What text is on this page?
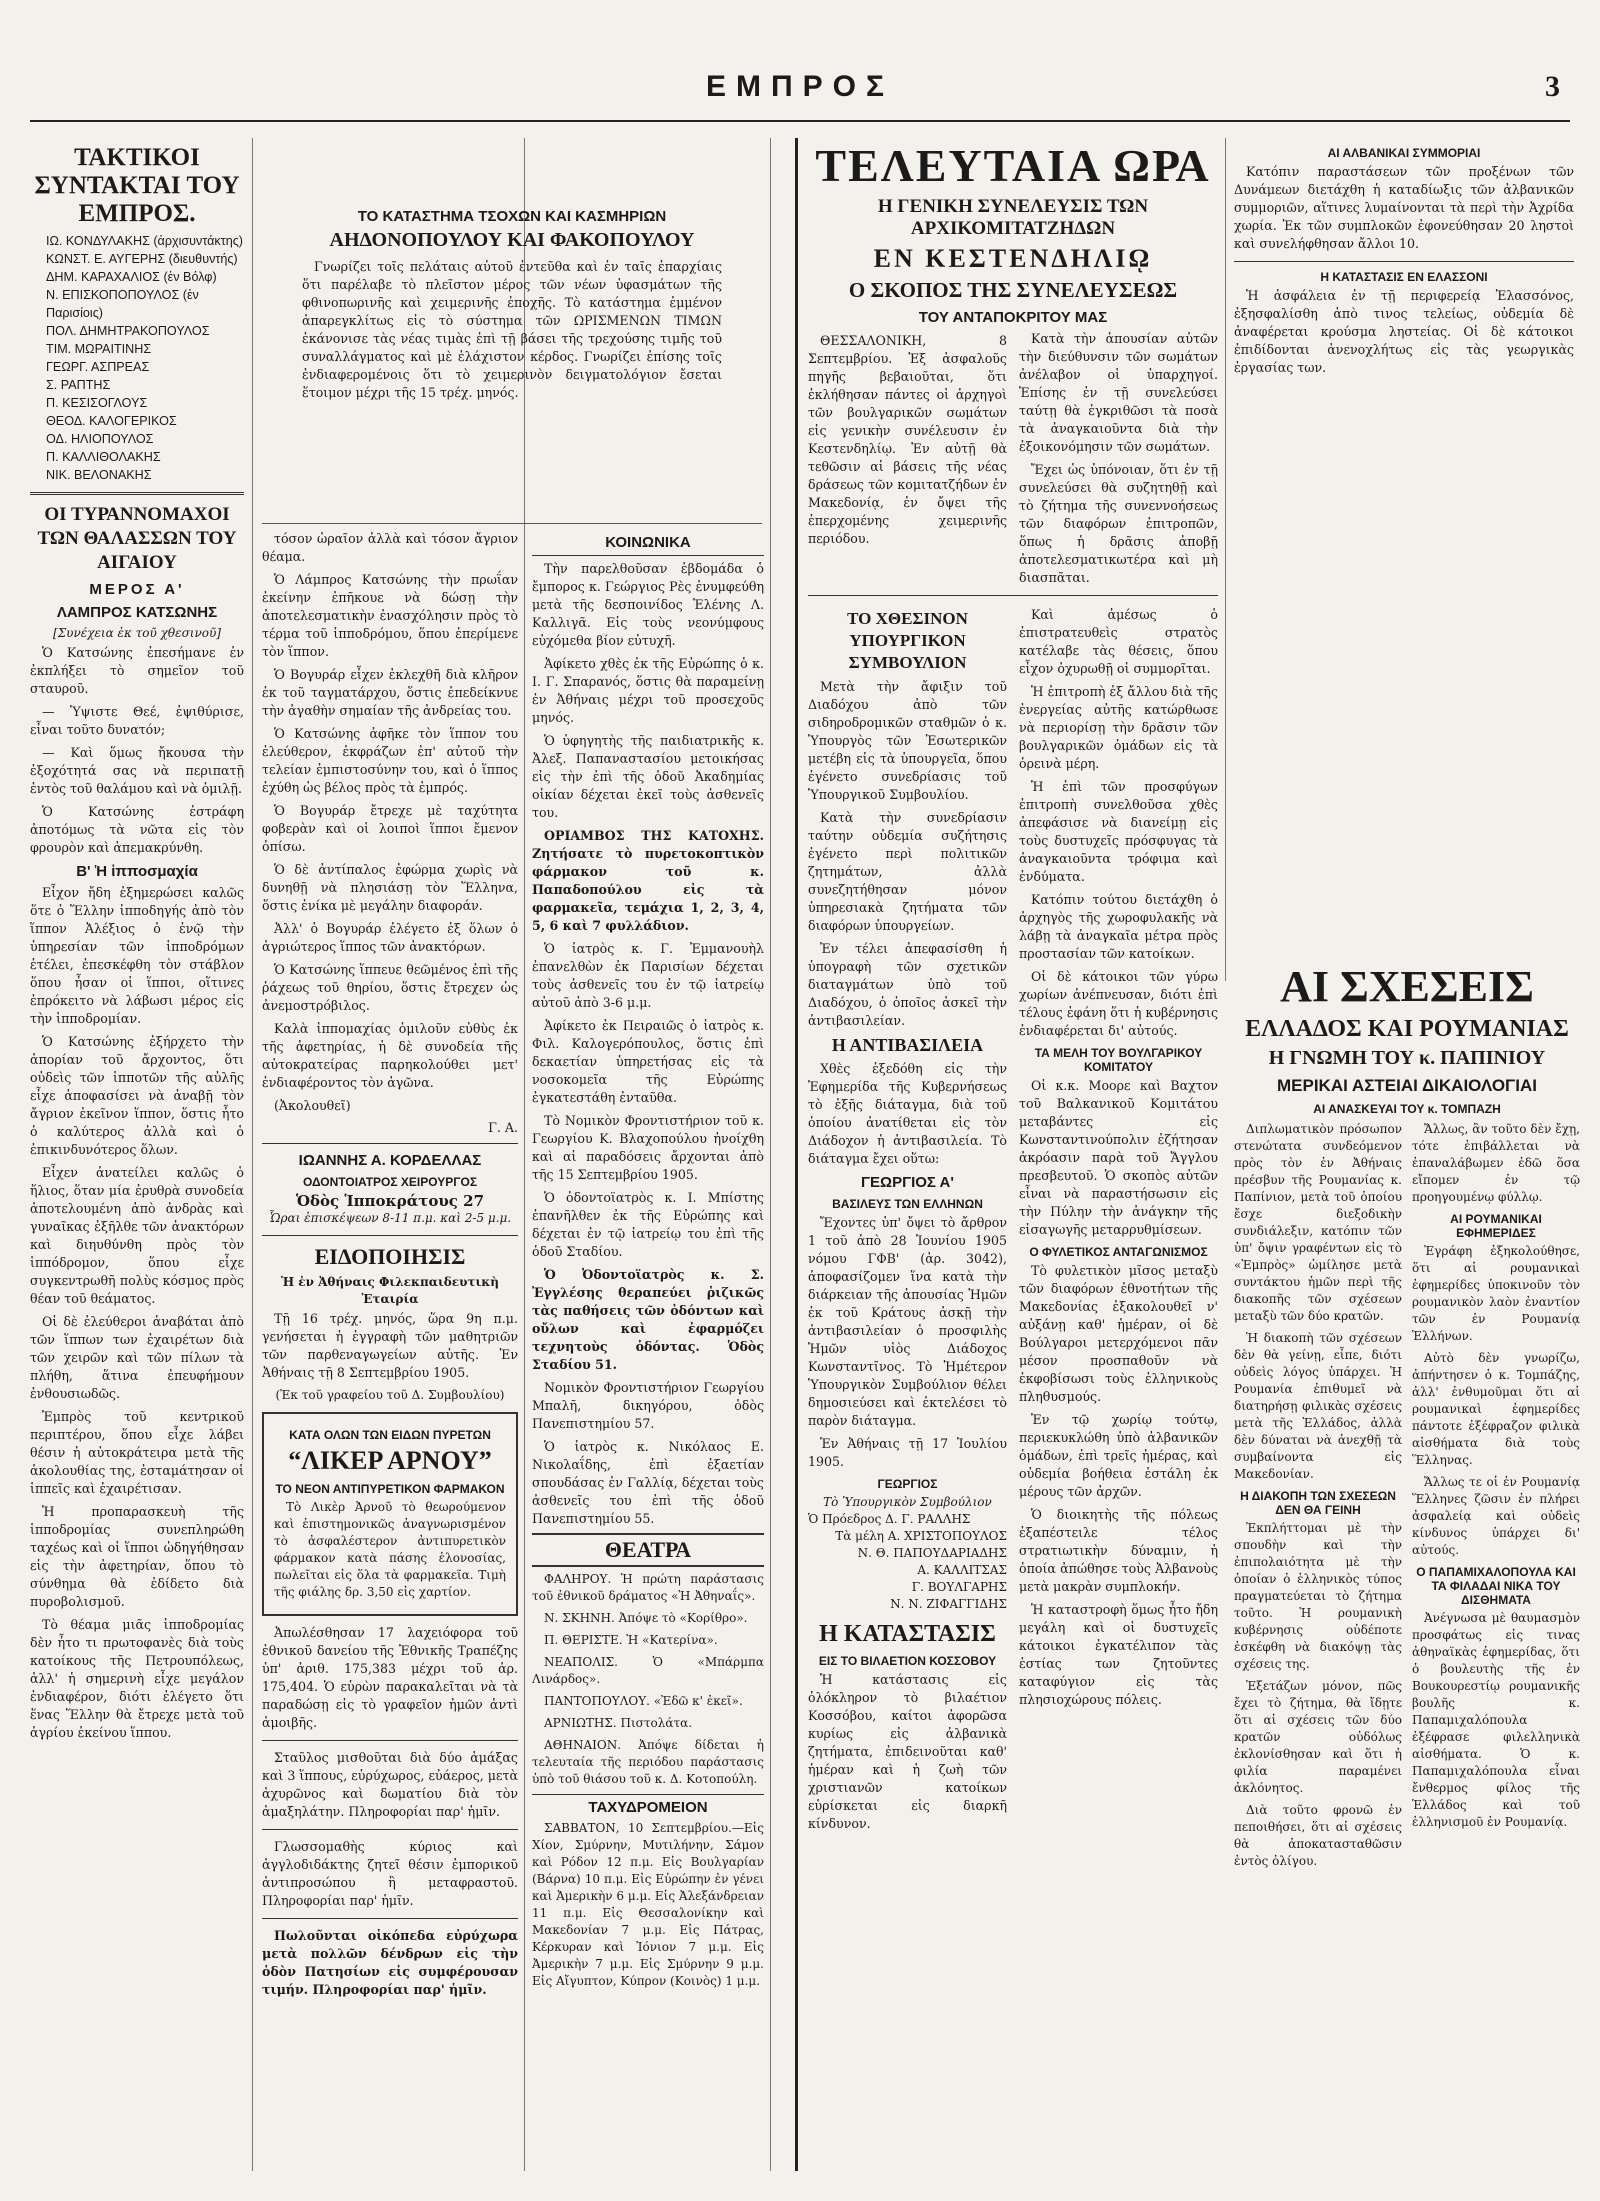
ΕΜΠΡΟΣ	3
ΤΑΚΤΙΚΟΙ ΣΥΝΤΑΚΤΑΙ ΤΟΥ ΕΜΠΡΟΣ.
ΙΩ. ΚΟΝΔΥΛΑΚΗΣ (ἀρχισυντάκτης)
ΚΩΝΣΤ. Ε. ΑΥΓΕΡΗΣ (διευθυντής)
ΔΗΜ. ΚΑΡΑΧΑΛΙΟΣ (ἐν Βόλφ)
Ν. ΕΠΙΣΚΟΠΟΠΟΥΛΟΣ (ἐν Παρισίοις)
ΠΟΛ. ΔΗΜΗΤΡΑΚΟΠΟΥΛΟΣ
ΤΙΜ. ΜΩΡΑΙΤΙΝΗΣ
ΓΕΩΡΓ. ΑΣΠΡΕΑΣ
Σ. ΡΑΠΤΗΣ
Π. ΚΕΣΙΣΟΓΛΟΥΣ
ΘΕΟΔ. ΚΑΛΟΓΕΡΙΚΟΣ
ΟΔ. ΗΛΙΟΠΟΥΛΟΣ
Π. ΚΑΛΛΙΘΟΛΑΚΗΣ
ΝΙΚ. ΒΕΛΟΝΑΚΗΣ
ΟΙ ΤΥΡΑΝΝΟΜΑΧΟΙ ΤΩΝ ΘΑΛΑΣΣΩΝ ΤΟΥ ΑΙΓΑΙΟΥ
ΜΕΡΟΣ Α'
ΛΑΜΠΡΟΣ ΚΑΤΣΩΝΗΣ
[Συνέχεια ἐκ τοῦ χθεσινοῦ]

Ὁ Κατσώνης ἐπεσήμανε ἐν ἐκπλήξει τὸ σημεῖον τοῦ σταυροῦ.

— Ὑψιστε Θεέ, ἐψιθύρισε, εἶναι τοῦτο δυνατόν;

— Καὶ ὅμως ἤκουσα τὴν ἐξοχότητά σας νὰ περιπατῇ ἐντὸς τοῦ θαλάμου καὶ νὰ ὁμιλῇ.

Ὁ Κατσώνης ἐστράφη ἀποτόμως τὰ νῶτα εἰς τὸν φρουρὸν καὶ ἀπεμακρύνθη.

Β' Ἡ ἱπποσμαχία

Εἶχον ἤδη ἐξημερώσει καλῶς ὅτε ὁ Ἕλλην ἱπποδηγής ἀπὸ τὸν ἵππον Ἀλέξιος ὁ ἐνῷ τὴν ὑπηρεσίαν τῶν ἱπποδρόμων ἐτέλει, ἐπεσκέφθη τὸν στάβλον ὅπου ἦσαν οἱ ἵπποι, οἵτινες ἐπρόκειτο νὰ λάβωσι μέρος εἰς τὴν ἱπποδρομίαν.

Ὁ Κατσώνης ἐξήρχετο τὴν ἀπορίαν τοῦ ἄρχοντος, ὅτι οὐδεὶς τῶν ἱπποτῶν τῆς αὐλῆς εἶχε ἀποφασίσει νὰ ἀναβῇ τὸν ἄγριον ἐκεῖνον ἵππον, ὅστις ἦτο ὁ καλύτερος ἀλλὰ καὶ ὁ ἐπικινδυνότερος ὅλων.

Εἶχεν ἀνατείλει καλῶς ὁ ἥλιος, ὅταν μία ἐρυθρὰ συνοδεία ἀποτελουμένη ἀπὸ ἀνδρὰς καὶ γυναῖκας ἐξῆλθε τῶν ἀνακτόρων καὶ διηυθύνθη πρὸς τὸν ἱππόδρομον, ὅπου εἶχε συγκεντρωθῆ πολὺς κόσμος πρὸς θέαν τοῦ θεάματος.

Οἱ δὲ ἐλεύθεροι ἀναβάται ἀπὸ τῶν ἵππων των ἐχαιρέτων διὰ τῶν χειρῶν καὶ τῶν πίλων τὰ πλήθη, ἅτινα ἐπευφήμουν ἐνθουσιωδῶς.

Ἐμπρὸς τοῦ κεντρικοῦ περιπτέρου, ὅπου εἶχε λάβει θέσιν ἡ αὐτοκράτειρα μετὰ τῆς ἀκολουθίας της, ἐσταμάτησαν οἱ ἱππεῖς καὶ ἐχαιρέτισαν.

Ἡ προπαρασκευὴ τῆς ἱπποδρομίας συνεπληρώθη ταχέως καὶ οἱ ἵπποι ὡδηγήθησαν εἰς τὴν ἀφετηρίαν, ὅπου τὸ σύνθημα θὰ ἐδίδετο διὰ πυροβολισμοῦ.

Τὸ θέαμα μιᾶς ἱπποδρομίας δὲν ἦτο τι πρωτοφανὲς διὰ τοὺς κατοίκους τῆς Πετρουπόλεως, ἀλλ' ἡ σημερινὴ εἶχε μεγάλον ἐνδιαφέρον, διότι ἐλέγετο ὅτι ἕνας Ἕλλην θὰ ἔτρεχε μετὰ τοῦ ἀγρίου ἐκείνου ἵππου.

ΤΟ ΚΑΤΑΣΤΗΜΑ ΤΣΟΧΩΝ ΚΑΙ ΚΑΣΜΗΡΙΩΝ
ΑΗΔΟΝΟΠΟΥΛΟΥ ΚΑΙ ΦΑΚΟΠΟΥΛΟΥ

Γνωρίζει τοῖς πελάταις αὐτοῦ ἐντεῦθα καὶ ἐν ταῖς ἐπαρχίαις ὅτι παρέλαβε τὸ πλεῖστον μέρος τῶν νέων ὑφασμάτων τῆς φθινοπωρινῆς καὶ χειμερινῆς ἐποχῆς. Τὸ κατάστημα ἐμμένον ἀπαρεγκλίτως εἰς τὸ σύστημα τῶν ΩΡΙΣΜΕΝΩΝ ΤΙΜΩΝ ἐκάνονισε τὰς νέας τιμὰς ἐπὶ τῇ βάσει τῆς τρεχούσης τιμῆς τοῦ συναλλάγματος καὶ μὲ ἐλάχιστον κέρδος. Γνωρίζει ἐπίσης τοῖς ἐνδιαφερομένοις ὅτι τὸ χειμερινὸν δειγματολόγιον ἔσεται ἕτοιμον μέχρι τῆς 15 τρέχ. μηνός.

τόσον ὡραῖον ἀλλὰ καὶ τόσον ἄγριον θέαμα.

Ὁ Λάμπρος Κατσώνης τὴν πρωΐαν ἐκείνην ἐπῆκουε νὰ δώσῃ τὴν ἀποτελεσματικὴν ἐνασχόλησιν πρὸς τὸ τέρμα τοῦ ἱπποδρόμου, ὅπου ἐπερίμενε τὸν ἵππον.

Ὁ Βογυράρ εἶχεν ἐκλεχθῆ διὰ κλῆρον ἐκ τοῦ ταγματάρχου, ὅστις ἐπεδείκνυε τὴν ἀγαθὴν σημαίαν τῆς ἀνδρείας του.

Ὁ Κατσώνης ἀφῆκε τὸν ἵππον του ἐλεύθερον, ἐκφράζων ἐπ' αὐτοῦ τὴν τελείαν ἐμπιστοσύνην του, καὶ ὁ ἵππος ἐχύθη ὡς βέλος πρὸς τὰ ἐμπρός.

Ὁ Βογυράρ ἔτρεχε μὲ ταχύτητα φοβερὰν καὶ οἱ λοιποὶ ἵπποι ἔμενον ὀπίσω.

Ὁ δὲ ἀντίπαλος ἐφώρμα χωρὶς νὰ δυνηθῇ νὰ πλησιάσῃ τὸν Ἕλληνα, ὅστις ἐνίκα μὲ μεγάλην διαφοράν.

Ἀλλ' ὁ Βογυράρ ἐλέγετο ἐξ ὅλων ὁ ἀγριώτερος ἵππος τῶν ἀνακτόρων.

Ὁ Κατσώνης ἵππευε θεῶμένος ἐπὶ τῆς ῥάχεως τοῦ θηρίου, ὅστις ἔτρεχεν ὡς ἀνεμοστρόβιλος.

Καλὰ ἱππομαχίας ὁμιλοῦν εὐθὺς ἐκ τῆς ἀφετηρίας, ἡ δὲ συνοδεία τῆς αὐτοκρατείρας παρηκολούθει μετ' ἐνδιαφέροντος τὸν ἀγῶνα.

(Ἀκολουθεῖ)

Γ. Α.
ΙΩΑΝΝΗΣ Α. ΚΟΡΔΕΛΛΑΣ
ΟΔΟΝΤΟΙΑΤΡΟΣ ΧΕΙΡΟΥΡΓΟΣ
Ὁδὸς Ἱπποκράτους 27
Ὧραι ἐπισκέψεων 8-11 π.μ. καὶ 2-5 μ.μ.
ΕΙΔΟΠΟΙΗΣΙΣ
Ἡ ἐν Ἀθήναις Φιλεκπαιδευτικὴ Ἑταιρία

Τῇ 16 τρέχ. μηνός, ὥρα 9η π.μ. γενήσεται ἡ ἐγγραφὴ τῶν μαθητριῶν τῶν παρθεναγωγείων αὐτῆς. Ἐν Ἀθήναις τῇ 8 Σεπτεμβρίου 1905.

(Ἐκ τοῦ γραφείου τοῦ Δ. Συμβουλίου)
ΚΑΤΑ ΟΛΩΝ ΤΩΝ ΕΙΔΩΝ ΠΥΡΕΤΩΝ
“ΛΙΚΕΡ ΑΡΝΟΥ”
ΤΟ ΝΕΟΝ ΑΝΤΙΠΥΡΕΤΙΚΟΝ ΦΑΡΜΑΚΟΝ

Τὸ Λικὲρ Ἀρνοῦ τὸ θεωρούμενον καὶ ἐπιστημονικῶς ἀναγνωρισμένον τὸ ἀσφαλέστερον ἀντιπυρετικὸν φάρμακον κατὰ πάσης ἑλονοσίας, πωλεῖται εἰς ὅλα τὰ φαρμακεῖα. Τιμὴ τῆς φιάλης δρ. 3,50 εἰς χαρτίον.

Ἀπωλέσθησαν 17 λαχειόφορα τοῦ ἐθνικοῦ δανείου τῆς Ἐθνικῆς Τραπέζης ὑπ' ἀριθ. 175,383 μέχρι τοῦ ἀρ. 175,404. Ὁ εὑρὼν παρακαλεῖται νὰ τὰ παραδώσῃ εἰς τὸ γραφεῖον ἡμῶν ἀντὶ ἀμοιβῆς.

Σταῦλος μισθοῦται διὰ δύο ἁμάξας καὶ 3 ἵππους, εὐρύχωρος, εὐάερος, μετὰ ἀχυρῶνος καὶ δωματίου διὰ τὸν ἁμαξηλάτην. Πληροφορίαι παρ' ἡμῖν.

Γλωσσομαθὴς κύριος καὶ ἀγγλοδιδάκτης ζητεῖ θέσιν ἐμπορικοῦ ἀντιπροσώπου ἢ μεταφραστοῦ. Πληροφορίαι παρ' ἡμῖν.

Πωλοῦνται οἰκόπεδα εὐρύχωρα μετὰ πολλῶν δένδρων εἰς τὴν ὁδὸν Πατησίων εἰς συμφέρουσαν τιμήν. Πληροφορίαι παρ' ἡμῖν.

ΚΟΙΝΩΝΙΚΑ

Τὴν παρελθοῦσαν ἑβδομάδα ὁ ἔμπορος κ. Γεώργιος Ρὲς ἐνυμφεύθη μετὰ τῆς δεσποινίδος Ἑλένης Λ. Καλλιγᾶ. Εἰς τοὺς νεονύμφους εὐχόμεθα βίον εὐτυχῆ.

Ἀφίκετο χθὲς ἐκ τῆς Εὐρώπης ὁ κ. Ι. Γ. Σπαρανός, ὅστις θὰ παραμείνῃ ἐν Ἀθήναις μέχρι τοῦ προσεχοῦς μηνός.

Ὁ ὑφηγητὴς τῆς παιδιατρικῆς κ. Ἀλεξ. Παπαναστασίου μετοικήσας εἰς τὴν ἐπὶ τῆς ὁδοῦ Ἀκαδημίας οἰκίαν δέχεται ἐκεῖ τοὺς ἀσθενεῖς του.

ΟΡΙΑΜΒΟΣ ΤΗΣ ΚΑΤΟΧΗΣ. Ζητήσατε τὸ πυρετοκοπτικὸν φάρμακον τοῦ κ. Παπαδοπούλου εἰς τὰ φαρμακεῖα, τεμάχια 1, 2, 3, 4, 5, 6 καὶ 7 φυλλάδιον.

Ὁ ἰατρὸς κ. Γ. Ἐμμανουὴλ ἐπανελθὼν ἐκ Παρισίων δέχεται τοὺς ἀσθενεῖς του ἐν τῷ ἰατρείῳ αὐτοῦ ἀπὸ 3-6 μ.μ.

Ἀφίκετο ἐκ Πειραιῶς ὁ ἰατρὸς κ. Φιλ. Καλογερόπουλος, ὅστις ἐπὶ δεκαετίαν ὑπηρετήσας εἰς τὰ νοσοκομεῖα τῆς Εὐρώπης ἐγκατεστάθη ἐνταῦθα.

Τὸ Νομικὸν Φροντιστήριον τοῦ κ. Γεωργίου Κ. Βλαχοπούλου ἠνοίχθη καὶ αἱ παραδόσεις ἄρχονται ἀπὸ τῆς 15 Σεπτεμβρίου 1905.

Ὁ ὀδοντοϊατρὸς κ. Ι. Μπίστης ἐπανῆλθεν ἐκ τῆς Εὐρώπης καὶ δέχεται ἐν τῷ ἰατρείῳ του ἐπὶ τῆς ὁδοῦ Σταδίου.

Ὁ Ὀδοντοϊατρὸς κ. Σ. Ἐγγλέσης θεραπεύει ῥιζικῶς τὰς παθήσεις τῶν ὀδόντων καὶ οὔλων καὶ ἐφαρμόζει τεχνητοὺς ὀδόντας. Ὁδὸς Σταδίου 51.

Νομικὸν Φροντιστήριον Γεωργίου Μπαλῆ, δικηγόρου, ὁδὸς Πανεπιστημίου 57.

Ὁ ἰατρὸς κ. Νικόλαος Ε. Νικολαΐδης, ἐπὶ ἑξαετίαν σπουδάσας ἐν Γαλλίᾳ, δέχεται τοὺς ἀσθενεῖς του ἐπὶ τῆς ὁδοῦ Πανεπιστημίου 55.

ΘΕΑΤΡΑ

ΦΑΛΗΡΟΥ. Ἡ πρώτη παράστασις τοῦ ἐθνικοῦ δράματος «Ἡ Ἀθηναΐς».

Ν. ΣΚΗΝΗ. Ἀπόψε τὸ «Κορίθρο».

Π. ΘΕΡΙΣΤΕ. Ἡ «Κατερίνα».

ΝΕΑΠΟΛΙΣ. Ὁ «Μπάρμπα Λινάρδος».

ΠΑΝΤΟΠΟΥΛΟΥ. «Ἐδῶ κ' ἐκεῖ».

ΑΡΝΙΩΤΗΣ. Πιστολάτα.

ΑΘΗΝΑΙΟΝ. Ἀπόψε δίδεται ἡ τελευταία τῆς περιόδου παράστασις ὑπὸ τοῦ θιάσου τοῦ κ. Δ. Κοτοπούλη.

ΤΑΧΥΔΡΟΜΕΙΟΝ

ΣΑΒΒΑΤΟΝ, 10 Σεπτεμβρίου.—Εἰς Χίον, Σμύρνην, Μυτιλήνην, Σάμον καὶ Ρόδον 12 π.μ. Εἰς Βουλγαρίαν (Βάρνα) 10 π.μ. Εἰς Εὐρώπην ἐν γένει καὶ Ἀμερικὴν 6 μ.μ. Εἰς Ἀλεξάνδρειαν 11 π.μ. Εἰς Θεσσαλονίκην καὶ Μακεδονίαν 7 μ.μ. Εἰς Πάτρας, Κέρκυραν καὶ Ἰόνιον 7 μ.μ. Εἰς Ἀμερικὴν 7 μ.μ. Εἰς Σμύρνην 9 μ.μ. Εἰς Αἴγυπτον, Κύπρον (Κοινὸς) 1 μ.μ.

ΤΕΛΕΥΤΑΙΑ ΩΡΑ
Η ΓΕΝΙΚΗ ΣΥΝΕΛΕΥΣΙΣ ΤΩΝ ΑΡΧΙΚΟΜΙΤΑΤΖΗΔΩΝ
ΕΝ ΚΕΣΤΕΝΔΗΛΙῼ
Ο ΣΚΟΠΟΣ ΤΗΣ ΣΥΝΕΛΕΥΣΕΩΣ
ΤΟΥ ΑΝΤΑΠΟΚΡΙΤΟΥ ΜΑΣ

ΘΕΣΣΑΛΟΝΙΚΗ, 8 Σεπτεμβρίου. Ἐξ ἀσφαλοῦς πηγῆς βεβαιοῦται, ὅτι ἐκλήθησαν πάντες οἱ ἀρχηγοὶ τῶν βουλγαρικῶν σωμάτων εἰς γενικὴν συνέλευσιν ἐν Κεστενδηλίῳ. Ἐν αὐτῇ θὰ τεθῶσιν αἱ βάσεις τῆς νέας δράσεως τῶν κομιτατζήδων ἐν Μακεδονίᾳ, ἐν ὄψει τῆς ἐπερχομένης χειμερινῆς περιόδου.

Κατὰ τὴν ἀπουσίαν αὐτῶν τὴν διεύθυνσιν τῶν σωμάτων ἀνέλαβον οἱ ὑπαρχηγοί. Ἐπίσης ἐν τῇ συνελεύσει ταύτῃ θὰ ἐγκριθῶσι τὰ ποσὰ τὰ ἀναγκαιοῦντα διὰ τὴν ἐξοικονόμησιν τῶν σωμάτων.

Ἔχει ὡς ὑπόνοιαν, ὅτι ἐν τῇ συνελεύσει θὰ συζητηθῇ καὶ τὸ ζήτημα τῆς συνεννοήσεως τῶν διαφόρων ἐπιτροπῶν, ὅπως ἡ δρᾶσις ἀποβῇ ἀποτελεσματικωτέρα καὶ μὴ διασπᾶται.

ΤΟ ΧΘΕΣΙΝΟΝ ΥΠΟΥΡΓΙΚΟΝ ΣΥΜΒΟΥΛΙΟΝ

Μετὰ τὴν ἄφιξιν τοῦ Διαδόχου ἀπὸ τῶν σιδηροδρομικῶν σταθμῶν ὁ κ. Ὑπουργὸς τῶν Ἐσωτερικῶν μετέβη εἰς τὰ ὑπουργεῖα, ὅπου ἐγένετο συνεδρίασις τοῦ Ὑπουργικοῦ Συμβουλίου.

Κατὰ τὴν συνεδρίασιν ταύτην οὐδεμία συζήτησις ἐγένετο περὶ πολιτικῶν ζητημάτων, ἀλλὰ συνεζητήθησαν μόνον ὑπηρεσιακὰ ζητήματα τῶν διαφόρων ὑπουργείων.

Ἐν τέλει ἀπεφασίσθη ἡ ὑπογραφὴ τῶν σχετικῶν διαταγμάτων ὑπὸ τοῦ Διαδόχου, ὁ ὁποῖος ἀσκεῖ τὴν ἀντιβασιλείαν.

Η ΑΝΤΙΒΑΣΙΛΕΙΑ

Χθὲς ἐξεδόθη εἰς τὴν Ἐφημερίδα τῆς Κυβερνήσεως τὸ ἑξῆς διάταγμα, διὰ τοῦ ὁποίου ἀνατίθεται εἰς τὸν Διάδοχον ἡ ἀντιβασιλεία. Τὸ διάταγμα ἔχει οὕτω:

ΓΕΩΡΓΙΟΣ Α'
ΒΑΣΙΛΕΥΣ ΤΩΝ ΕΛΛΗΝΩΝ

Ἔχοντες ὑπ' ὄψει τὸ ἄρθρον 1 τοῦ ἀπὸ 28 Ἰουνίου 1905 νόμου ΓΦΒ' (ἀρ. 3042), ἀποφασίζομεν ἵνα κατὰ τὴν διάρκειαν τῆς ἀπουσίας Ἡμῶν ἐκ τοῦ Κράτους ἀσκῇ τὴν ἀντιβασιλείαν ὁ προσφιλὴς Ἡμῶν υἱὸς Διάδοχος Κωνσταντῖνος. Τὸ Ἡμέτερον Ὑπουργικὸν Συμβούλιον θέλει δημοσιεύσει καὶ ἐκτελέσει τὸ παρὸν διάταγμα.

Ἐν Ἀθήναις τῇ 17 Ἰουλίου 1905.

ΓΕΩΡΓΙΟΣ
Τὸ Ὑπουργικὸν Συμβούλιον
Ὁ Πρόεδρος Δ. Γ. ΡΑΛΛΗΣ
Τὰ μέλη Α. ΧΡΙΣΤΟΠΟΥΛΟΣ
Ν. Θ. ΠΑΠΟΥΔΑΡΙΑΔΗΣ
Α. ΚΑΛΛΙΤΣΑΣ
Γ. ΒΟΥΛΓΑΡΗΣ
Ν. Ν. ΖΙΦΑΓΓΙΔΗΣ
Η ΚΑΤΑΣΤΑΣΙΣ
ΕΙΣ ΤΟ ΒΙΛΑΕΤΙΟΝ ΚΟΣΣΟΒΟΥ

Ἡ κατάστασις εἰς ὁλόκληρον τὸ βιλαέτιον Κοσσόβου, καίτοι ἀφορῶσα κυρίως εἰς ἀλβανικὰ ζητήματα, ἐπιδεινοῦται καθ' ἡμέραν καὶ ἡ ζωὴ τῶν χριστιανῶν κατοίκων εὑρίσκεται εἰς διαρκῆ κίνδυνον.

Καὶ ἀμέσως ὁ ἐπιστρατευθεὶς στρατὸς κατέλαβε τὰς θέσεις, ὅπου εἶχον ὀχυρωθῇ οἱ συμμορῖται.

Ἡ ἐπιτροπὴ ἐξ ἄλλου διὰ τῆς ἐνεργείας αὐτῆς κατώρθωσε νὰ περιορίσῃ τὴν δρᾶσιν τῶν βουλγαρικῶν ὁμάδων εἰς τὰ ὁρεινὰ μέρη.

Ἡ ἐπὶ τῶν προσφύγων ἐπιτροπὴ συνελθοῦσα χθὲς ἀπεφάσισε νὰ διανείμῃ εἰς τοὺς δυστυχεῖς πρόσφυγας τὰ ἀναγκαιοῦντα τρόφιμα καὶ ἐνδύματα.

Κατόπιν τούτου διετάχθη ὁ ἀρχηγὸς τῆς χωροφυλακῆς νὰ λάβῃ τὰ ἀναγκαῖα μέτρα πρὸς προστασίαν τῶν κατοίκων.

Οἱ δὲ κάτοικοι τῶν γύρω χωρίων ἀνέπνευσαν, διότι ἐπὶ τέλους ἐφάνη ὅτι ἡ κυβέρνησις ἐνδιαφέρεται δι' αὐτούς.

ΤΑ ΜΕΛΗ ΤΟΥ ΒΟΥΛΓΑΡΙΚΟΥ ΚΟΜΙΤΑΤΟΥ

Οἱ κ.κ. Μοορε καὶ Βαχτον τοῦ Βαλκανικοῦ Κομιτάτου μεταβάντες εἰς Κωνσταντινούπολιν ἐζήτησαν ἀκρόασιν παρὰ τοῦ Ἄγγλου πρεσβευτοῦ. Ὁ σκοπὸς αὐτῶν εἶναι νὰ παραστήσωσιν εἰς τὴν Πύλην τὴν ἀνάγκην τῆς εἰσαγωγῆς μεταρρυθμίσεων.

Ο ΦΥΛΕΤΙΚΟΣ ΑΝΤΑΓΩΝΙΣΜΟΣ

Τὸ φυλετικὸν μῖσος μεταξὺ τῶν διαφόρων ἐθνοτήτων τῆς Μακεδονίας ἐξακολουθεῖ ν' αὐξάνῃ καθ' ἡμέραν, οἱ δὲ Βούλγαροι μετερχόμενοι πᾶν μέσον προσπαθοῦν νὰ ἐκφοβίσωσι τοὺς ἑλληνικοὺς πληθυσμούς.

Ἐν τῷ χωρίῳ τούτῳ, περιεκυκλώθη ὑπὸ ἀλβανικῶν ὁμάδων, ἐπὶ τρεῖς ἡμέρας, καὶ οὐδεμία βοήθεια ἐστάλη ἐκ μέρους τῶν ἀρχῶν.

Ὁ διοικητὴς τῆς πόλεως ἐξαπέστειλε τέλος στρατιωτικὴν δύναμιν, ἡ ὁποία ἀπώθησε τοὺς Ἀλβανοὺς μετὰ μακρὰν συμπλοκήν.

Ἡ καταστροφὴ ὅμως ἦτο ἤδη μεγάλη καὶ οἱ δυστυχεῖς κάτοικοι ἐγκατέλιπον τὰς ἑστίας των ζητοῦντες καταφύγιον εἰς τὰς πλησιοχώρους πόλεις.

ΑΙ ΑΛΒΑΝΙΚΑΙ ΣΥΜΜΟΡΙΑΙ

Κατόπιν παραστάσεων τῶν προξένων τῶν Δυνάμεων διετάχθη ἡ καταδίωξις τῶν ἀλβανικῶν συμμοριῶν, αἵτινες λυμαίνονται τὰ περὶ τὴν Ἀχρίδα χωρία. Ἐκ τῶν συμπλοκῶν ἐφονεύθησαν 20 ληστοὶ καὶ συνελήφθησαν ἄλλοι 10.

Η ΚΑΤΑΣΤΑΣΙΣ ΕΝ ΕΛΑΣΣΟΝΙ

Ἡ ἀσφάλεια ἐν τῇ περιφερείᾳ Ἐλασσόνος, ἐξησφαλίσθη ἀπὸ τινος τελείως, οὐδεμία δὲ ἀναφέρεται κρούσμα ληστείας. Οἱ δὲ κάτοικοι ἐπιδίδονται ἀνενοχλήτως εἰς τὰς γεωργικὰς ἐργασίας των.

ΑΙ ΣΧΕΣΕΙΣ
ΕΛΛΑΔΟΣ ΚΑΙ ΡΟΥΜΑΝΙΑΣ
Η ΓΝΩΜΗ ΤΟΥ κ. ΠΑΠΙΝΙΟΥ
ΜΕΡΙΚΑΙ ΑΣΤΕΙΑΙ ΔΙΚΑΙΟΛΟΓΙΑΙ
ΑΙ ΑΝΑΣΚΕΥΑΙ ΤΟΥ κ. ΤΟΜΠΑΖΗ

Διπλωματικὸν πρόσωπον στενώτατα συνδεόμενον πρὸς τὸν ἐν Ἀθήναις πρέσβυν τῆς Ρουμανίας κ. Παπίνιον, μετὰ τοῦ ὁποίου ἔσχε διεξοδικὴν συνδιάλεξιν, κατόπιν τῶν ὑπ' ὄψιν γραφέντων εἰς τὸ «Ἐμπρὸς» ὡμίλησε μετὰ συντάκτου ἡμῶν περὶ τῆς διακοπῆς τῶν σχέσεων μεταξὺ τῶν δύο κρατῶν.

Ἡ διακοπὴ τῶν σχέσεων δὲν θὰ γείνῃ, εἶπε, διότι οὐδεὶς λόγος ὑπάρχει. Ἡ Ρουμανία ἐπιθυμεῖ νὰ διατηρήσῃ φιλικὰς σχέσεις μετὰ τῆς Ἑλλάδος, ἀλλὰ δὲν δύναται νὰ ἀνεχθῇ τὰ συμβαίνοντα εἰς Μακεδονίαν.

Η ΔΙΑΚΟΠΗ ΤΩΝ ΣΧΕΣΕΩΝ ΔΕΝ ΘΑ ΓΕΙΝΗ

Ἐκπλήττομαι μὲ τὴν σπουδὴν καὶ τὴν ἐπιπολαιότητα μὲ τὴν ὁποίαν ὁ ἑλληνικὸς τύπος πραγματεύεται τὸ ζήτημα τοῦτο. Ἡ ρουμανικὴ κυβέρνησις οὐδέποτε ἐσκέφθη νὰ διακόψῃ τὰς σχέσεις της.

Ἐξετάζων μόνον, πῶς ἔχει τὸ ζήτημα, θὰ ἴδῃτε ὅτι αἱ σχέσεις τῶν δύο κρατῶν οὐδόλως ἐκλονίσθησαν καὶ ὅτι ἡ φιλία παραμένει ἀκλόνητος.

Διὰ τοῦτο φρονῶ ἐν πεποιθήσει, ὅτι αἱ σχέσεις θὰ ἀποκατασταθῶσιν ἐντὸς ὀλίγου.

Ἄλλως, ἂν τοῦτο δὲν ἔχῃ, τότε ἐπιβάλλεται νὰ ἐπαναλάβωμεν ἐδῶ ὅσα εἴπομεν ἐν τῷ προηγουμένῳ φύλλῳ.

ΑΙ ΡΟΥΜΑΝΙΚΑΙ ΕΦΗΜΕΡΙΔΕΣ

Ἐγράφη ἐξηκολούθησε, ὅτι αἱ ρουμανικαὶ ἐφημερίδες ὑποκινοῦν τὸν ρουμανικὸν λαὸν ἐναντίον τῶν ἐν Ρουμανίᾳ Ἑλλήνων.

Αὐτὸ δὲν γνωρίζω, ἀπήντησεν ὁ κ. Τομπάζης, ἀλλ' ἐνθυμοῦμαι ὅτι αἱ ρουμανικαὶ ἐφημερίδες πάντοτε ἐξέφραζον φιλικὰ αἰσθήματα διὰ τοὺς Ἕλληνας.

Ἄλλως τε οἱ ἐν Ρουμανίᾳ Ἕλληνες ζῶσιν ἐν πλήρει ἀσφαλείᾳ καὶ οὐδεὶς κίνδυνος ὑπάρχει δι' αὐτούς.

Ο ΠΑΠΑΜΙΧΑΛΟΠΟΥΛΑ ΚΑΙ ΤΑ ΦΙΛΑΔΑΙ ΝΙΚΑ ΤΟΥ ΔΙΣΘΗΜΑΤΑ

Ἀνέγνωσα μὲ θαυμασμὸν προσφάτως εἰς τινας ἀθηναϊκὰς ἐφημερίδας, ὅτι ὁ βουλευτὴς τῆς ἐν Βουκουρεστίῳ ρουμανικῆς βουλῆς κ. Παπαμιχαλόπουλα ἐξέφρασε φιλελληνικὰ αἰσθήματα. Ὁ κ. Παπαμιχαλόπουλα εἶναι ἔνθερμος φίλος τῆς Ἑλλάδος καὶ τοῦ ἑλληνισμοῦ ἐν Ρουμανίᾳ.
